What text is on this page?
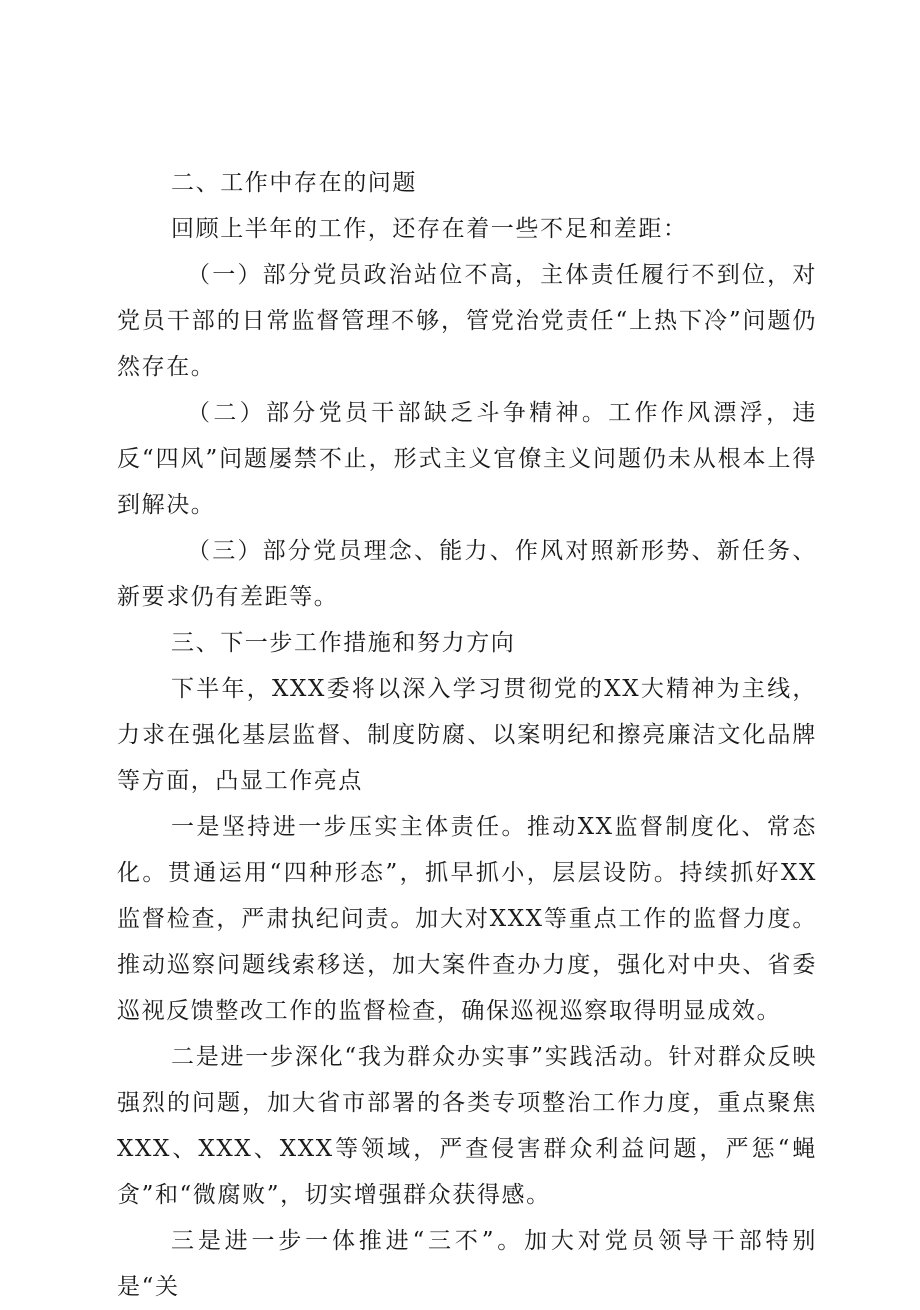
二、工作中存在的问题

回顾上半年的工作，还存在着一些不足和差距：

（一）部分党员政治站位不高，主体责任履行不到位，对党员干部的日常监督管理不够，管党治党责任“上热下冷”问题仍然存在。

（二）部分党员干部缺乏斗争精神。工作作风漂浮，违反“四风”问题屡禁不止，形式主义官僚主义问题仍未从根本上得到解决。

（三）部分党员理念、能力、作风对照新形势、新任务、新要求仍有差距等。

三、下一步工作措施和努力方向

下半年，XXX委将以深入学习贯彻党的XX大精神为主线，力求在强化基层监督、制度防腐、以案明纪和擦亮廉洁文化品牌等方面，凸显工作亮点

一是坚持进一步压实主体责任。推动XX监督制度化、常态化。贯通运用“四种形态”，抓早抓小，层层设防。持续抓好XX监督检查，严肃执纪问责。加大对XXX等重点工作的监督力度。推动巡察问题线索移送，加大案件查办力度，强化对中央、省委巡视反馈整改工作的监督检查，确保巡视巡察取得明显成效。

二是进一步深化“我为群众办实事”实践活动。针对群众反映强烈的问题，加大省市部署的各类专项整治工作力度，重点聚焦XXX、XXX、XXX等领域，严查侵害群众利益问题，严惩“蝇贪”和“微腐败”，切实增强群众获得感。

三是进一步一体推进“三不”。加大对党员领导干部特别是“关
